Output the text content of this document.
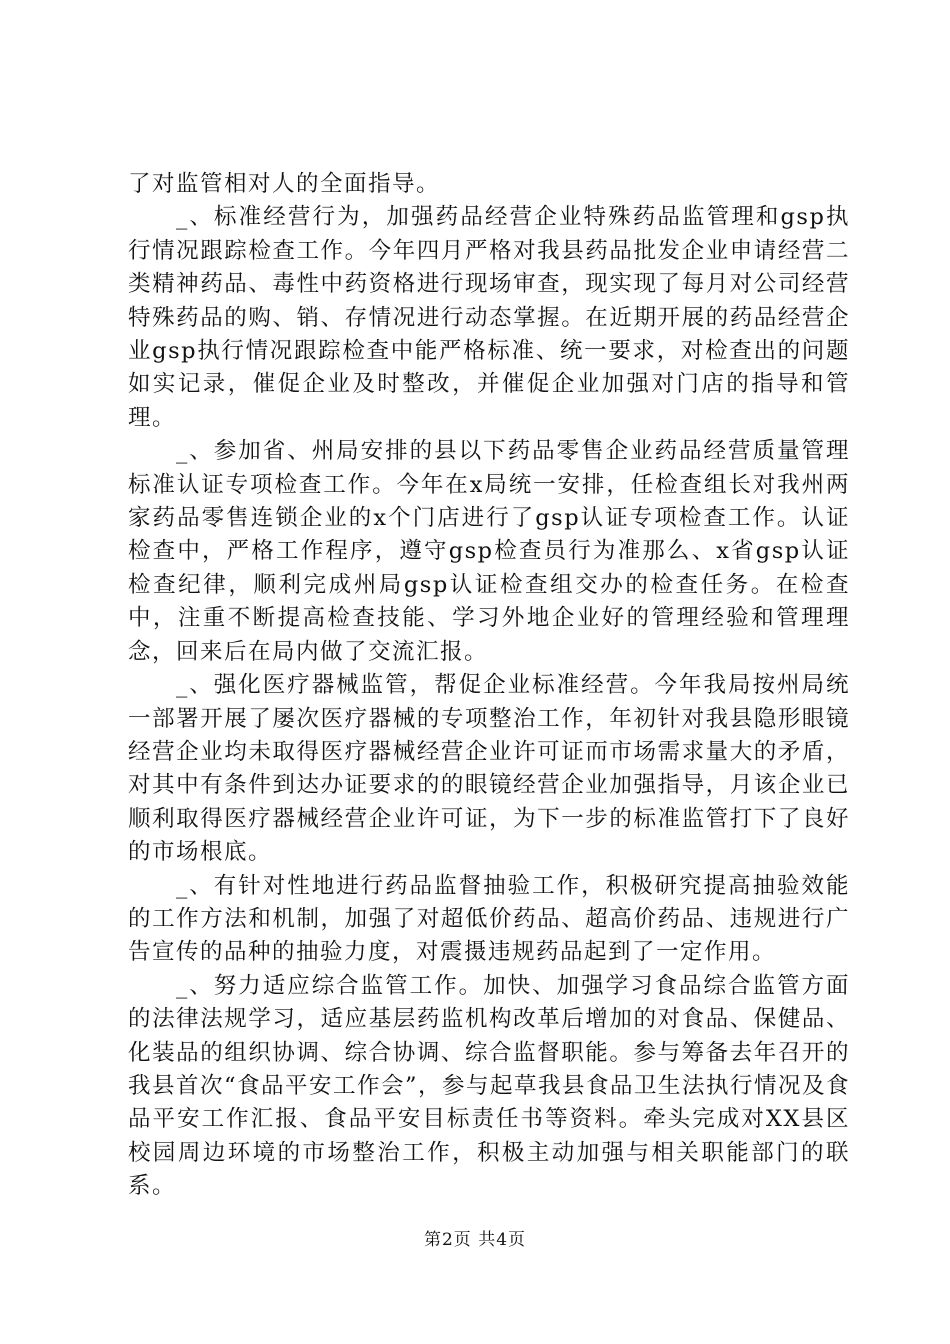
了对监管相对人的全面指导。

_、标准经营行为，加强药品经营企业特殊药品监管理和gsp执行情况跟踪检查工作。今年四月严格对我县药品批发企业申请经营二类精神药品、毒性中药资格进行现场审查，现实现了每月对公司经营特殊药品的购、销、存情况进行动态掌握。在近期开展的药品经营企业gsp执行情况跟踪检查中能严格标准、统一要求，对检查出的问题如实记录，催促企业及时整改，并催促企业加强对门店的指导和管理。

_、参加省、州局安排的县以下药品零售企业药品经营质量管理标准认证专项检查工作。今年在x局统一安排，任检查组长对我州两家药品零售连锁企业的x个门店进行了gsp认证专项检查工作。认证检查中，严格工作程序，遵守gsp检查员行为准那么、x省gsp认证检查纪律，顺利完成州局gsp认证检查组交办的检查任务。在检查中，注重不断提高检查技能、学习外地企业好的管理经验和管理理念，回来后在局内做了交流汇报。

_、强化医疗器械监管，帮促企业标准经营。今年我局按州局统一部署开展了屡次医疗器械的专项整治工作，年初针对我县隐形眼镜经营企业均未取得医疗器械经营企业许可证而市场需求量大的矛盾，对其中有条件到达办证要求的的眼镜经营企业加强指导，月该企业已顺利取得医疗器械经营企业许可证，为下一步的标准监管打下了良好的市场根底。

_、有针对性地进行药品监督抽验工作，积极研究提高抽验效能的工作方法和机制，加强了对超低价药品、超高价药品、违规进行广告宣传的品种的抽验力度，对震摄违规药品起到了一定作用。

_、努力适应综合监管工作。加快、加强学习食品综合监管方面的法律法规学习，适应基层药监机构改革后增加的对食品、保健品、化装品的组织协调、综合协调、综合监督职能。参与筹备去年召开的我县首次“食品平安工作会”，参与起草我县食品卫生法执行情况及食品平安工作汇报、食品平安目标责任书等资料。牵头完成对XX县区校园周边环境的市场整治工作，积极主动加强与相关职能部门的联系。

第2页 共4页
